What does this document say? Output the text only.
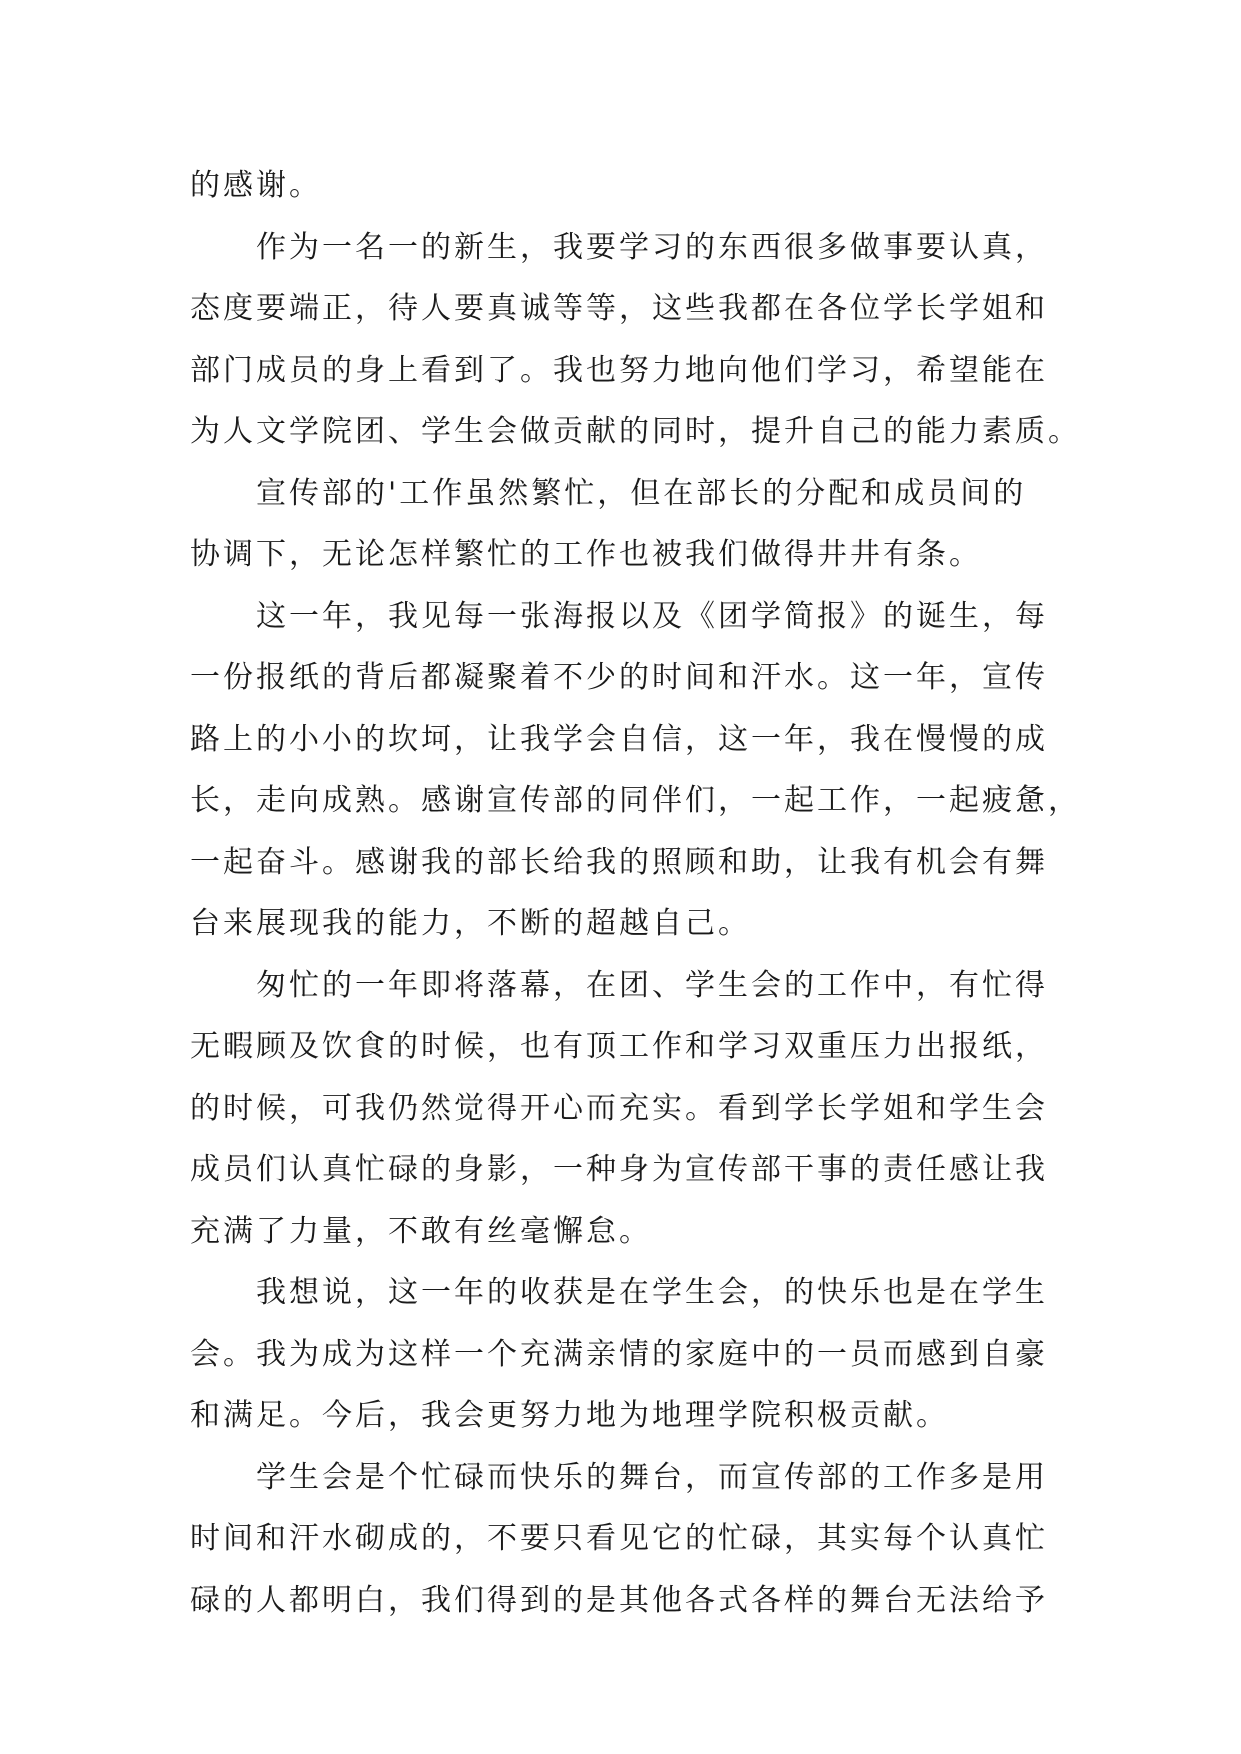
的感谢。
作为一名一的新生，我要学习的东西很多做事要认真，
态度要端正，待人要真诚等等，这些我都在各位学长学姐和
部门成员的身上看到了。我也努力地向他们学习，希望能在
为人文学院团、学生会做贡献的同时，提升自己的能力素质。
宣传部的'工作虽然繁忙，但在部长的分配和成员间的
协调下，无论怎样繁忙的工作也被我们做得井井有条。
这一年，我见每一张海报以及《团学简报》的诞生，每
一份报纸的背后都凝聚着不少的时间和汗水。这一年，宣传
路上的小小的坎坷，让我学会自信，这一年，我在慢慢的成
长，走向成熟。感谢宣传部的同伴们，一起工作，一起疲惫，
一起奋斗。感谢我的部长给我的照顾和助，让我有机会有舞
台来展现我的能力，不断的超越自己。
匆忙的一年即将落幕，在团、学生会的工作中，有忙得
无暇顾及饮食的时候，也有顶工作和学习双重压力出报纸，
的时候，可我仍然觉得开心而充实。看到学长学姐和学生会
成员们认真忙碌的身影，一种身为宣传部干事的责任感让我
充满了力量，不敢有丝毫懈怠。
我想说，这一年的收获是在学生会，的快乐也是在学生
会。我为成为这样一个充满亲情的家庭中的一员而感到自豪
和满足。今后，我会更努力地为地理学院积极贡献。
学生会是个忙碌而快乐的舞台，而宣传部的工作多是用
时间和汗水砌成的，不要只看见它的忙碌，其实每个认真忙
碌的人都明白，我们得到的是其他各式各样的舞台无法给予
